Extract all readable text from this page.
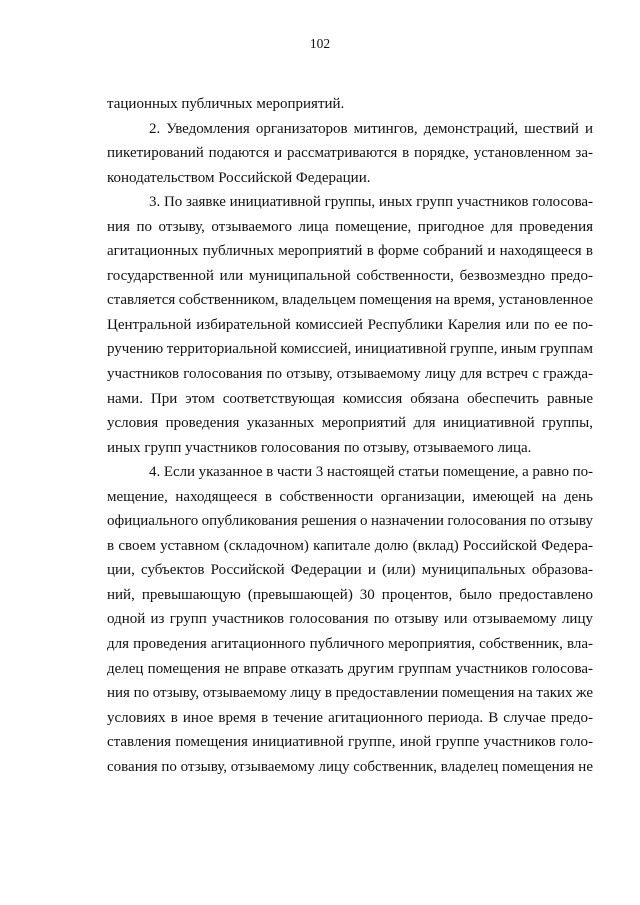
102
тационных публичных мероприятий.
2. Уведомления организаторов митингов, демонстраций, шествий и
пикетирований подаются и рассматриваются в порядке, установленном за-
конодательством Российской Федерации.
3. По заявке инициативной группы, иных групп участников голосова-
ния по отзыву, отзываемого лица помещение, пригодное для проведения
агитационных публичных мероприятий в форме собраний и находящееся в
государственной или муниципальной собственности, безвозмездно предо-
ставляется собственником, владельцем помещения на время, установленное
Центральной избирательной комиссией Республики Карелия или по ее по-
ручению территориальной комиссией, инициативной группе, иным группам
участников голосования по отзыву, отзываемому лицу для встреч с гражда-
нами. При этом соответствующая комиссия обязана обеспечить равные
условия проведения указанных мероприятий для инициативной группы,
иных групп участников голосования по отзыву, отзываемого лица.
4. Если указанное в части 3 настоящей статьи помещение, а равно по-
мещение, находящееся в собственности организации, имеющей на день
официального опубликования решения о назначении голосования по отзыву
в своем уставном (складочном) капитале долю (вклад) Российской Федера-
ции, субъектов Российской Федерации и (или) муниципальных образова-
ний, превышающую (превышающей) 30 процентов, было предоставлено
одной из групп участников голосования по отзыву или отзываемому лицу
для проведения агитационного публичного мероприятия, собственник, вла-
делец помещения не вправе отказать другим группам участников голосова-
ния по отзыву, отзываемому лицу в предоставлении помещения на таких же
условиях в иное время в течение агитационного периода. В случае предо-
ставления помещения инициативной группе, иной группе участников голо-
сования по отзыву, отзываемому лицу собственник, владелец помещения не
